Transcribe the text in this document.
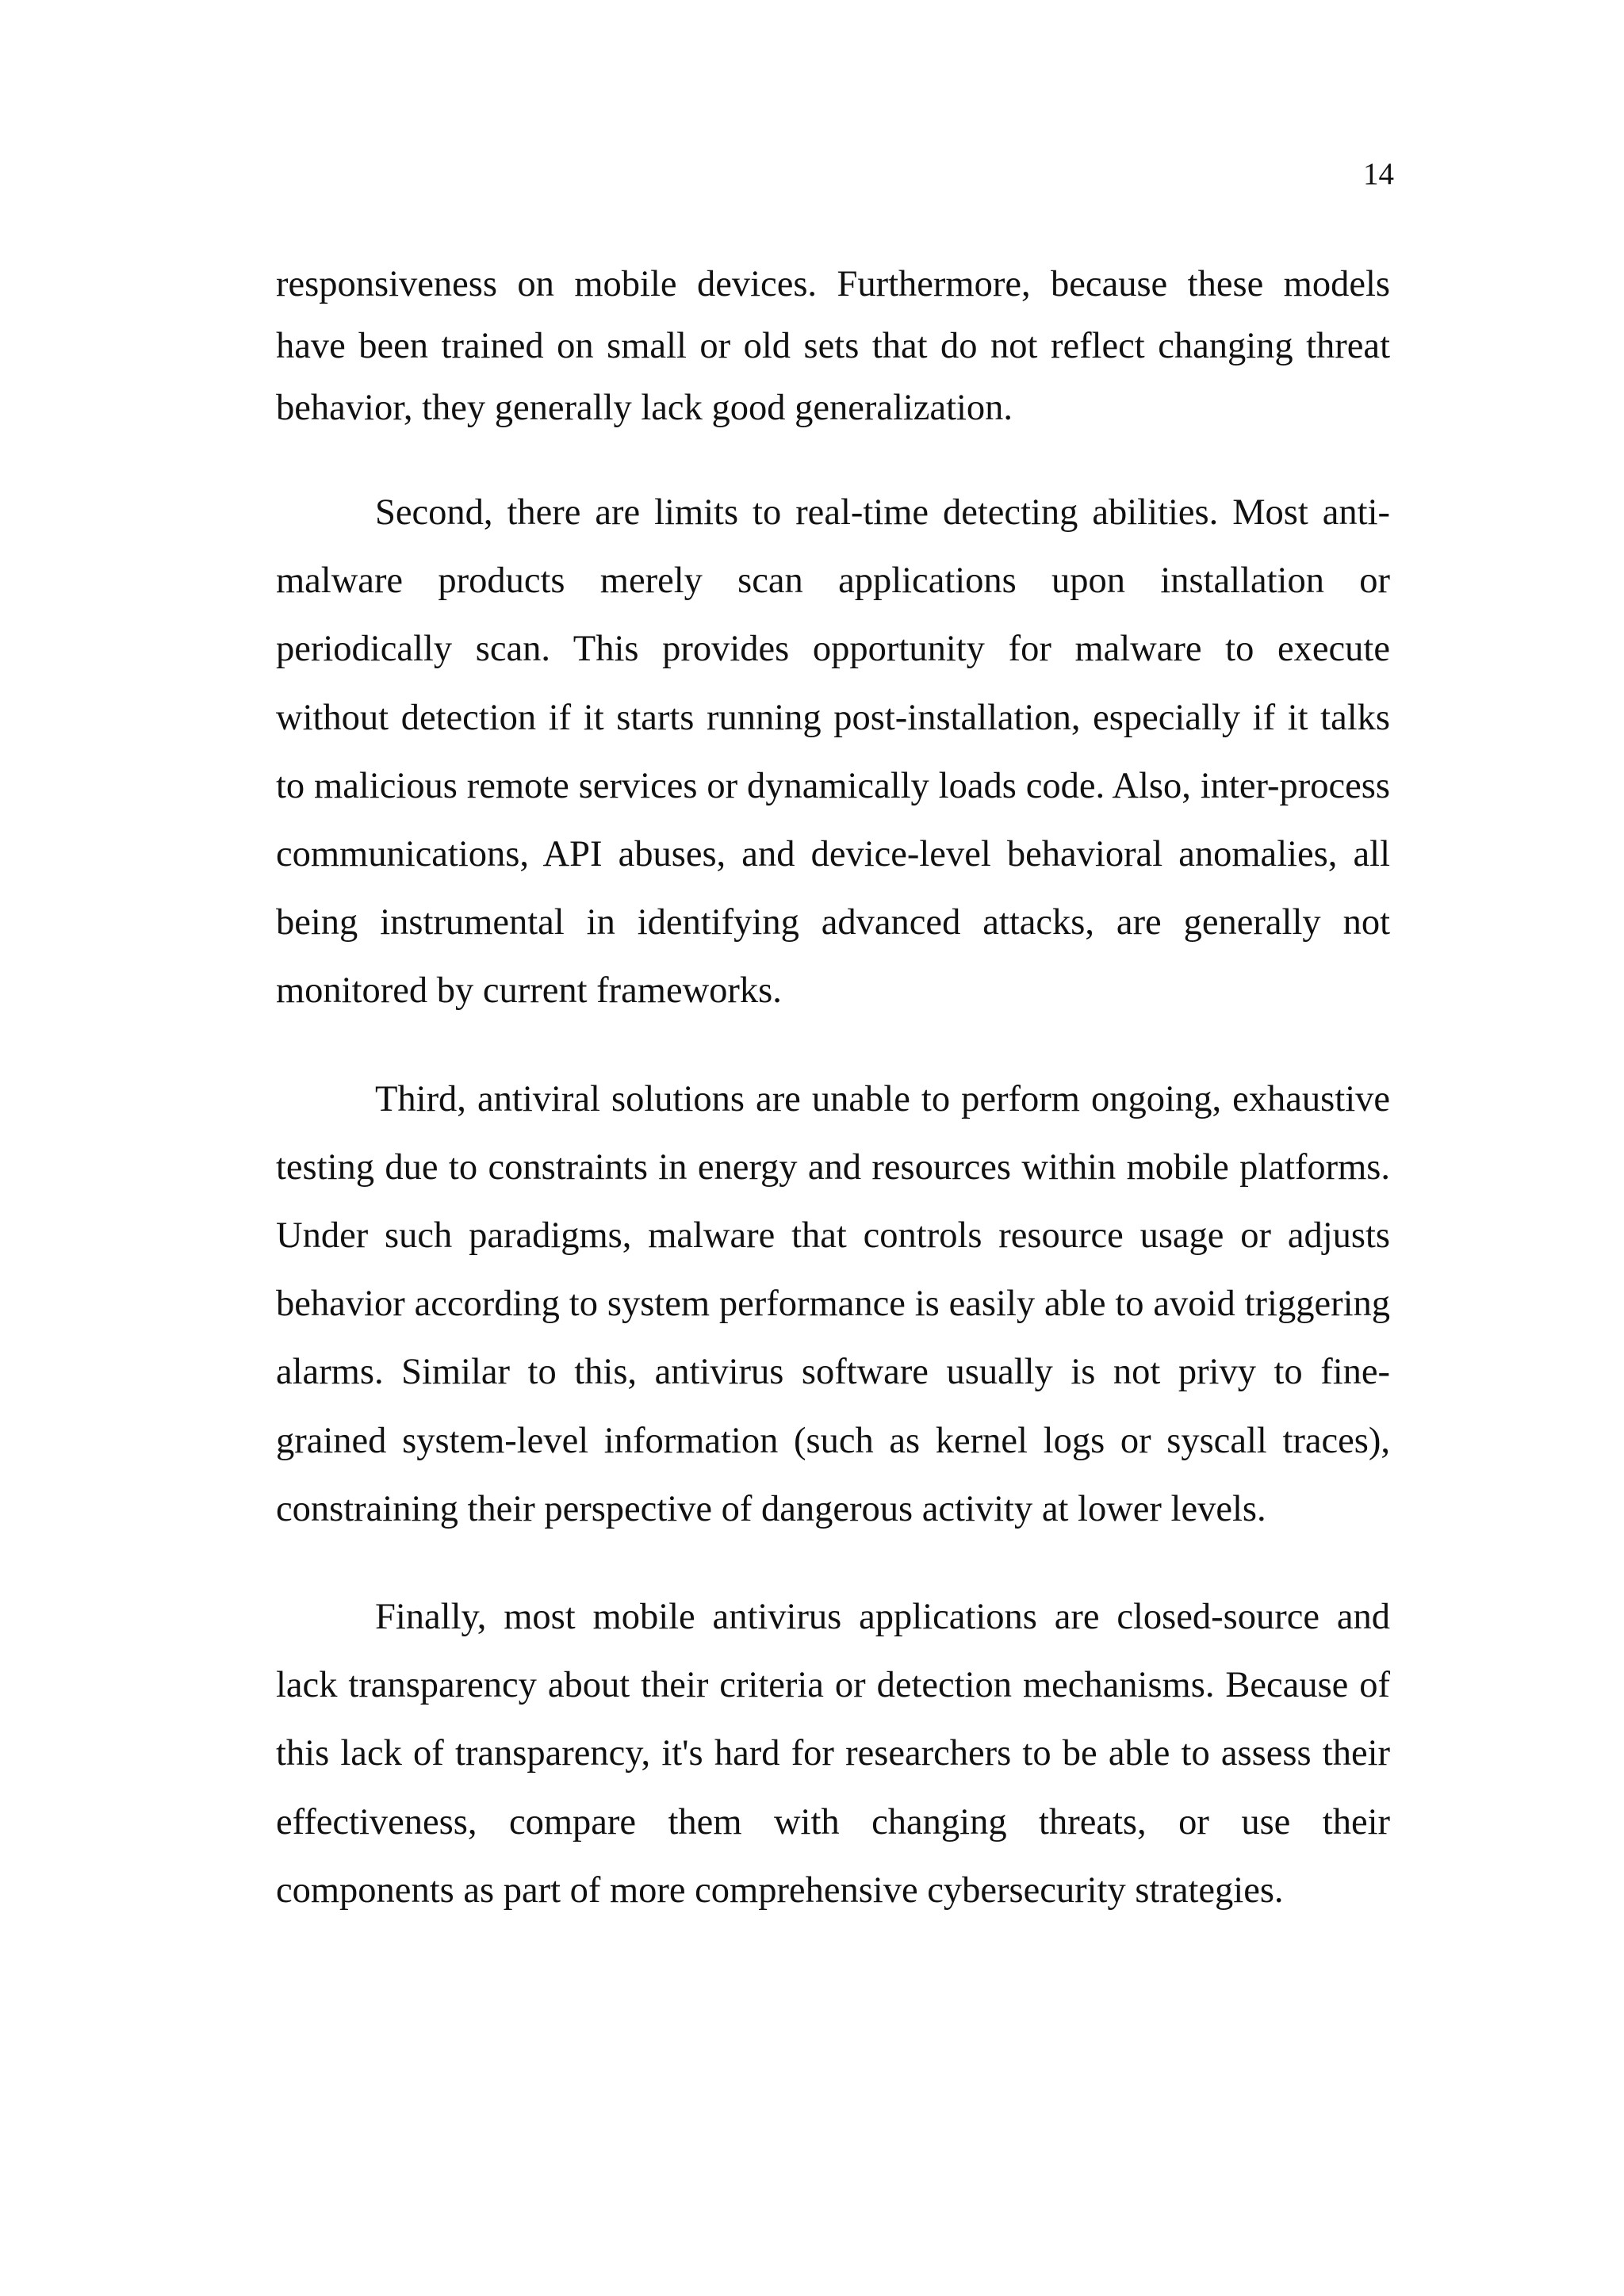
14

responsiveness on mobile devices. Furthermore, because these models have been trained on small or old sets that do not reflect changing threat behavior, they generally lack good generalization.

Second, there are limits to real-time detecting abilities. Most anti-malware products merely scan applications upon installation or periodically scan. This provides opportunity for malware to execute without detection if it starts running post-installation, especially if it talks to malicious remote services or dynamically loads code. Also, inter-process communications, API abuses, and device-level behavioral anomalies, all being instrumental in identifying advanced attacks, are generally not monitored by current frameworks.

Third, antiviral solutions are unable to perform ongoing, exhaustive testing due to constraints in energy and resources within mobile platforms. Under such paradigms, malware that controls resource usage or adjusts behavior according to system performance is easily able to avoid triggering alarms. Similar to this, antivirus software usually is not privy to fine-grained system-level information (such as kernel logs or syscall traces), constraining their perspective of dangerous activity at lower levels.

Finally, most mobile antivirus applications are closed-source and lack transparency about their criteria or detection mechanisms. Because of this lack of transparency, it's hard for researchers to be able to assess their effectiveness, compare them with changing threats, or use their components as part of more comprehensive cybersecurity strategies.
